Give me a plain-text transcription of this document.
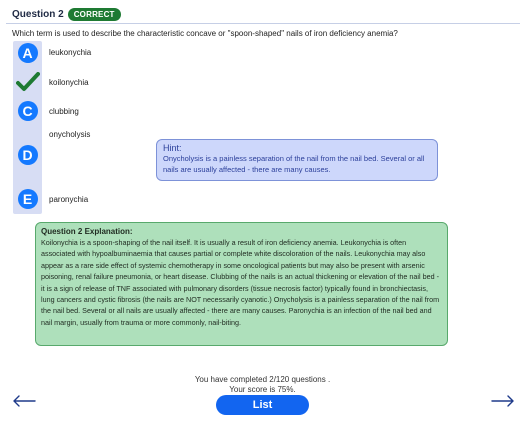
Question 2	CORRECT
Which term is used to describe the characteristic concave or "spoon-shaped" nails of iron deficiency anemia?
A	leukonychia
koilonychia
C	clubbing
D
onycholysis
E	paronychia
Hint:
Onycholysis is a painless separation of the nail from the nail bed. Several or all nails are usually affected - there are many causes.
Question 2 Explanation:
Koilonychia is a spoon-shaping of the nail itself. It is usually a result of iron deficiency anemia. Leukonychia is often associated with hypoalbuminaemia that causes partial or complete white discoloration of the nails. Leukonychia may also appear as a rare side effect of systemic chemotherapy in some oncological patients but may also be present with arsenic poisoning, renal failure pneumonia, or heart disease. Clubbing of the nails is an actual thickening or elevation of the nail bed - it is a sign of release of TNF associated with pulmonary disorders (tissue necrosis factor) typically found in bronchiectasis, lung cancers and cystic fibrosis (the nails are NOT necessarily cyanotic.) Onycholysis is a painless separation of the nail from the nail bed. Several or all nails are usually affected - there are many causes. Paronychia is an infection of the nail bed and nail margin, usually from trauma or more commonly, nail-biting.
You have completed 2/120 questions .
Your score is 75%.
List
